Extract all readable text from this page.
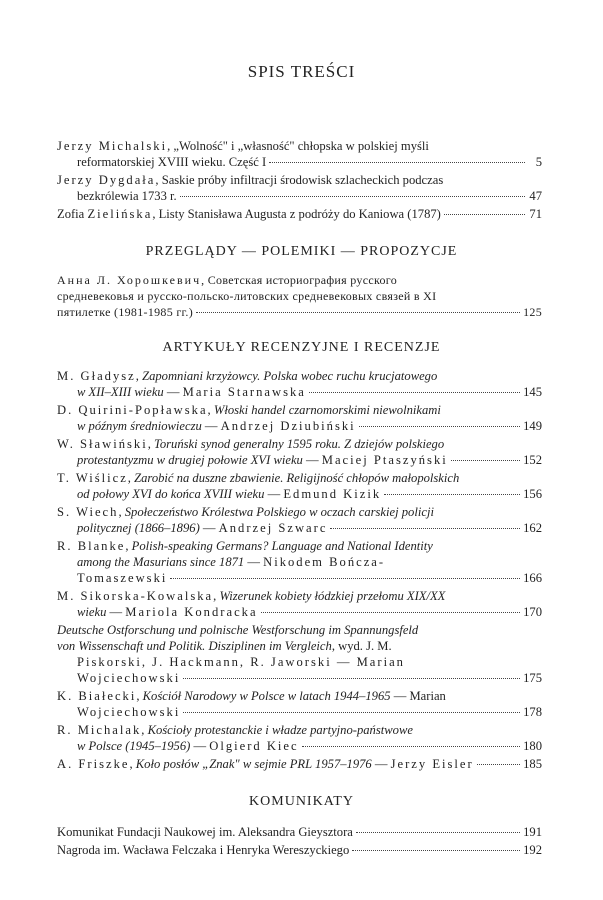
SPIS TREŚCI
Jerzy Michalski, „Wolność" i „własność" chłopska w polskiej myśli
reformatorskiej XVIII wieku. Część I	5
Jerzy Dygdała, Saskie próby infiltracji środowisk szlacheckich podczas
bezkrólewia 1733 r.	47
Zofia Zielińska, Listy Stanisława Augusta z podróży do Kaniowa (1787)	71
PRZEGLĄDY — POLEMIKI — PROPOZYCJE
Анна Л. Хорошкевич, Советская историография русского
средневековья и русско-польско-литовских средневековых связей в XI
пятилетке (1981-1985 гг.)	125
ARTYKUŁY RECENZYJNE I RECENZJE
M. Gładysz, Zapomniani krzyżowcy. Polska wobec ruchu krucjatowego
w XII–XIII wieku — Maria Starnawska	145
D. Quirini-Popławska, Włoski handel czarnomorskimi niewolnikami
w późnym średniowieczu — Andrzej Dziubiński	149
W. Sławiński, Toruński synod generalny 1595 roku. Z dziejów polskiego
protestantyzmu w drugiej połowie XVI wieku — Maciej Ptaszyński	152
T. Wiślicz, Zarobić na duszne zbawienie. Religijność chłopów małopolskich
od połowy XVI do końca XVIII wieku — Edmund Kizik	156
S. Wiech, Społeczeństwo Królestwa Polskiego w oczach carskiej policji
politycznej (1866–1896) — Andrzej Szwarc	162
R. Blanke, Polish-speaking Germans? Language and National Identity
among the Masurians since 1871 — Nikodem Bończa-
Tomaszewski	166
M. Sikorska-Kowalska, Wizerunek kobiety łódzkiej przełomu XIX/XX
wieku — Mariola Kondracka	170
Deutsche Ostforschung und polnische Westforschung im Spannungsfeld
von Wissenschaft und Politik. Disziplinen im Vergleich, wyd. J. M.
Piskorski, J. Hackmann, R. Jaworski — Marian
Wojciechowski	175
K. Białecki, Kościół Narodowy w Polsce w latach 1944–1965 — Marian
Wojciechowski	178
R. Michalak, Kościoły protestanckie i władze partyjno-państwowe
w Polsce (1945–1956) — Olgierd Kiec	180
A. Friszke, Koło posłów „Znak" w sejmie PRL 1957–1976 — Jerzy Eisler	185
KOMUNIKATY
Komunikat Fundacji Naukowej im. Aleksandra Gieysztora	191
Nagroda im. Wacława Felczaka i Henryka Wereszyckiego	192
